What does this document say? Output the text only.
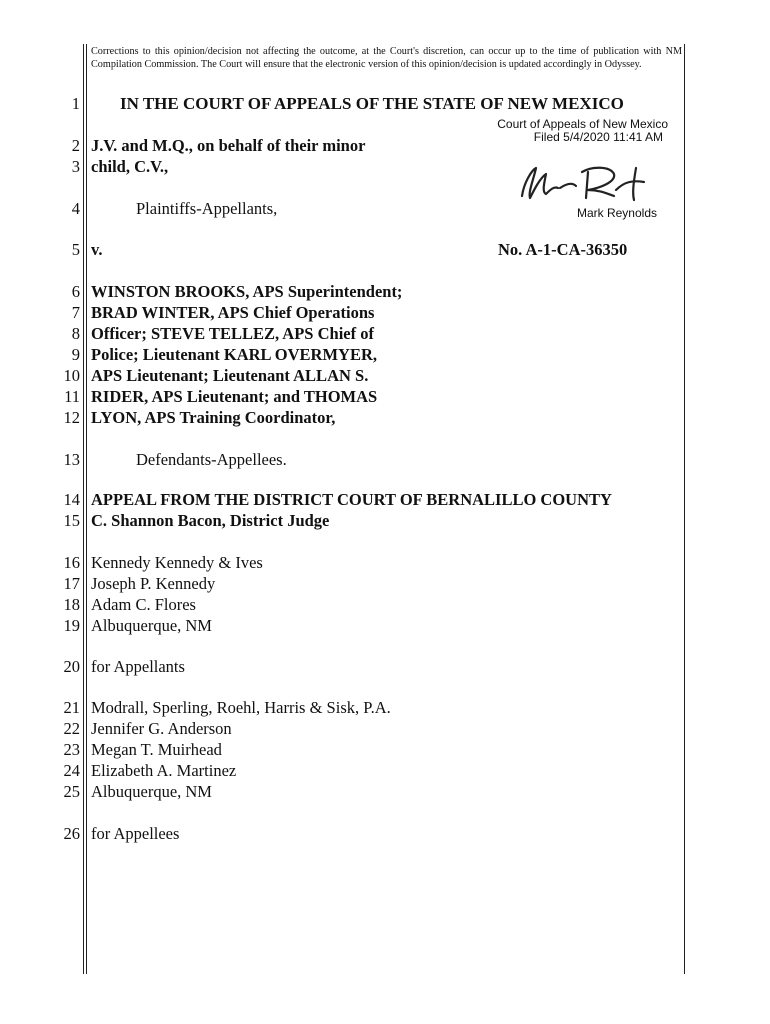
Corrections to this opinion/decision not affecting the outcome, at the Court's discretion, can occur up to the time of publication with NM Compilation Commission. The Court will ensure that the electronic version of this opinion/decision is updated accordingly in Odyssey.
1
2
3
4
5
6
7
8
9
10
11
12
13
14
15
16
17
18
19
20
21
22
23
24
25
26
IN THE COURT OF APPEALS OF THE STATE OF NEW MEXICO
Court of Appeals of New Mexico
Filed 5/4/2020 11:41 AM
Mark Reynolds
J.V. and M.Q., on behalf of their minor
child, C.V.,
Plaintiffs-Appellants,
v.	No. A-1-CA-36350
WINSTON BROOKS, APS Superintendent;
BRAD WINTER, APS Chief Operations
Officer; STEVE TELLEZ, APS Chief of
Police; Lieutenant KARL OVERMYER,
APS Lieutenant; Lieutenant ALLAN S.
RIDER, APS Lieutenant; and THOMAS
LYON, APS Training Coordinator,
Defendants-Appellees.
APPEAL FROM THE DISTRICT COURT OF BERNALILLO COUNTY
C. Shannon Bacon, District Judge
Kennedy Kennedy & Ives
Joseph P. Kennedy
Adam C. Flores
Albuquerque, NM
for Appellants
Modrall, Sperling, Roehl, Harris & Sisk, P.A.
Jennifer G. Anderson
Megan T. Muirhead
Elizabeth A. Martinez
Albuquerque, NM
for Appellees
